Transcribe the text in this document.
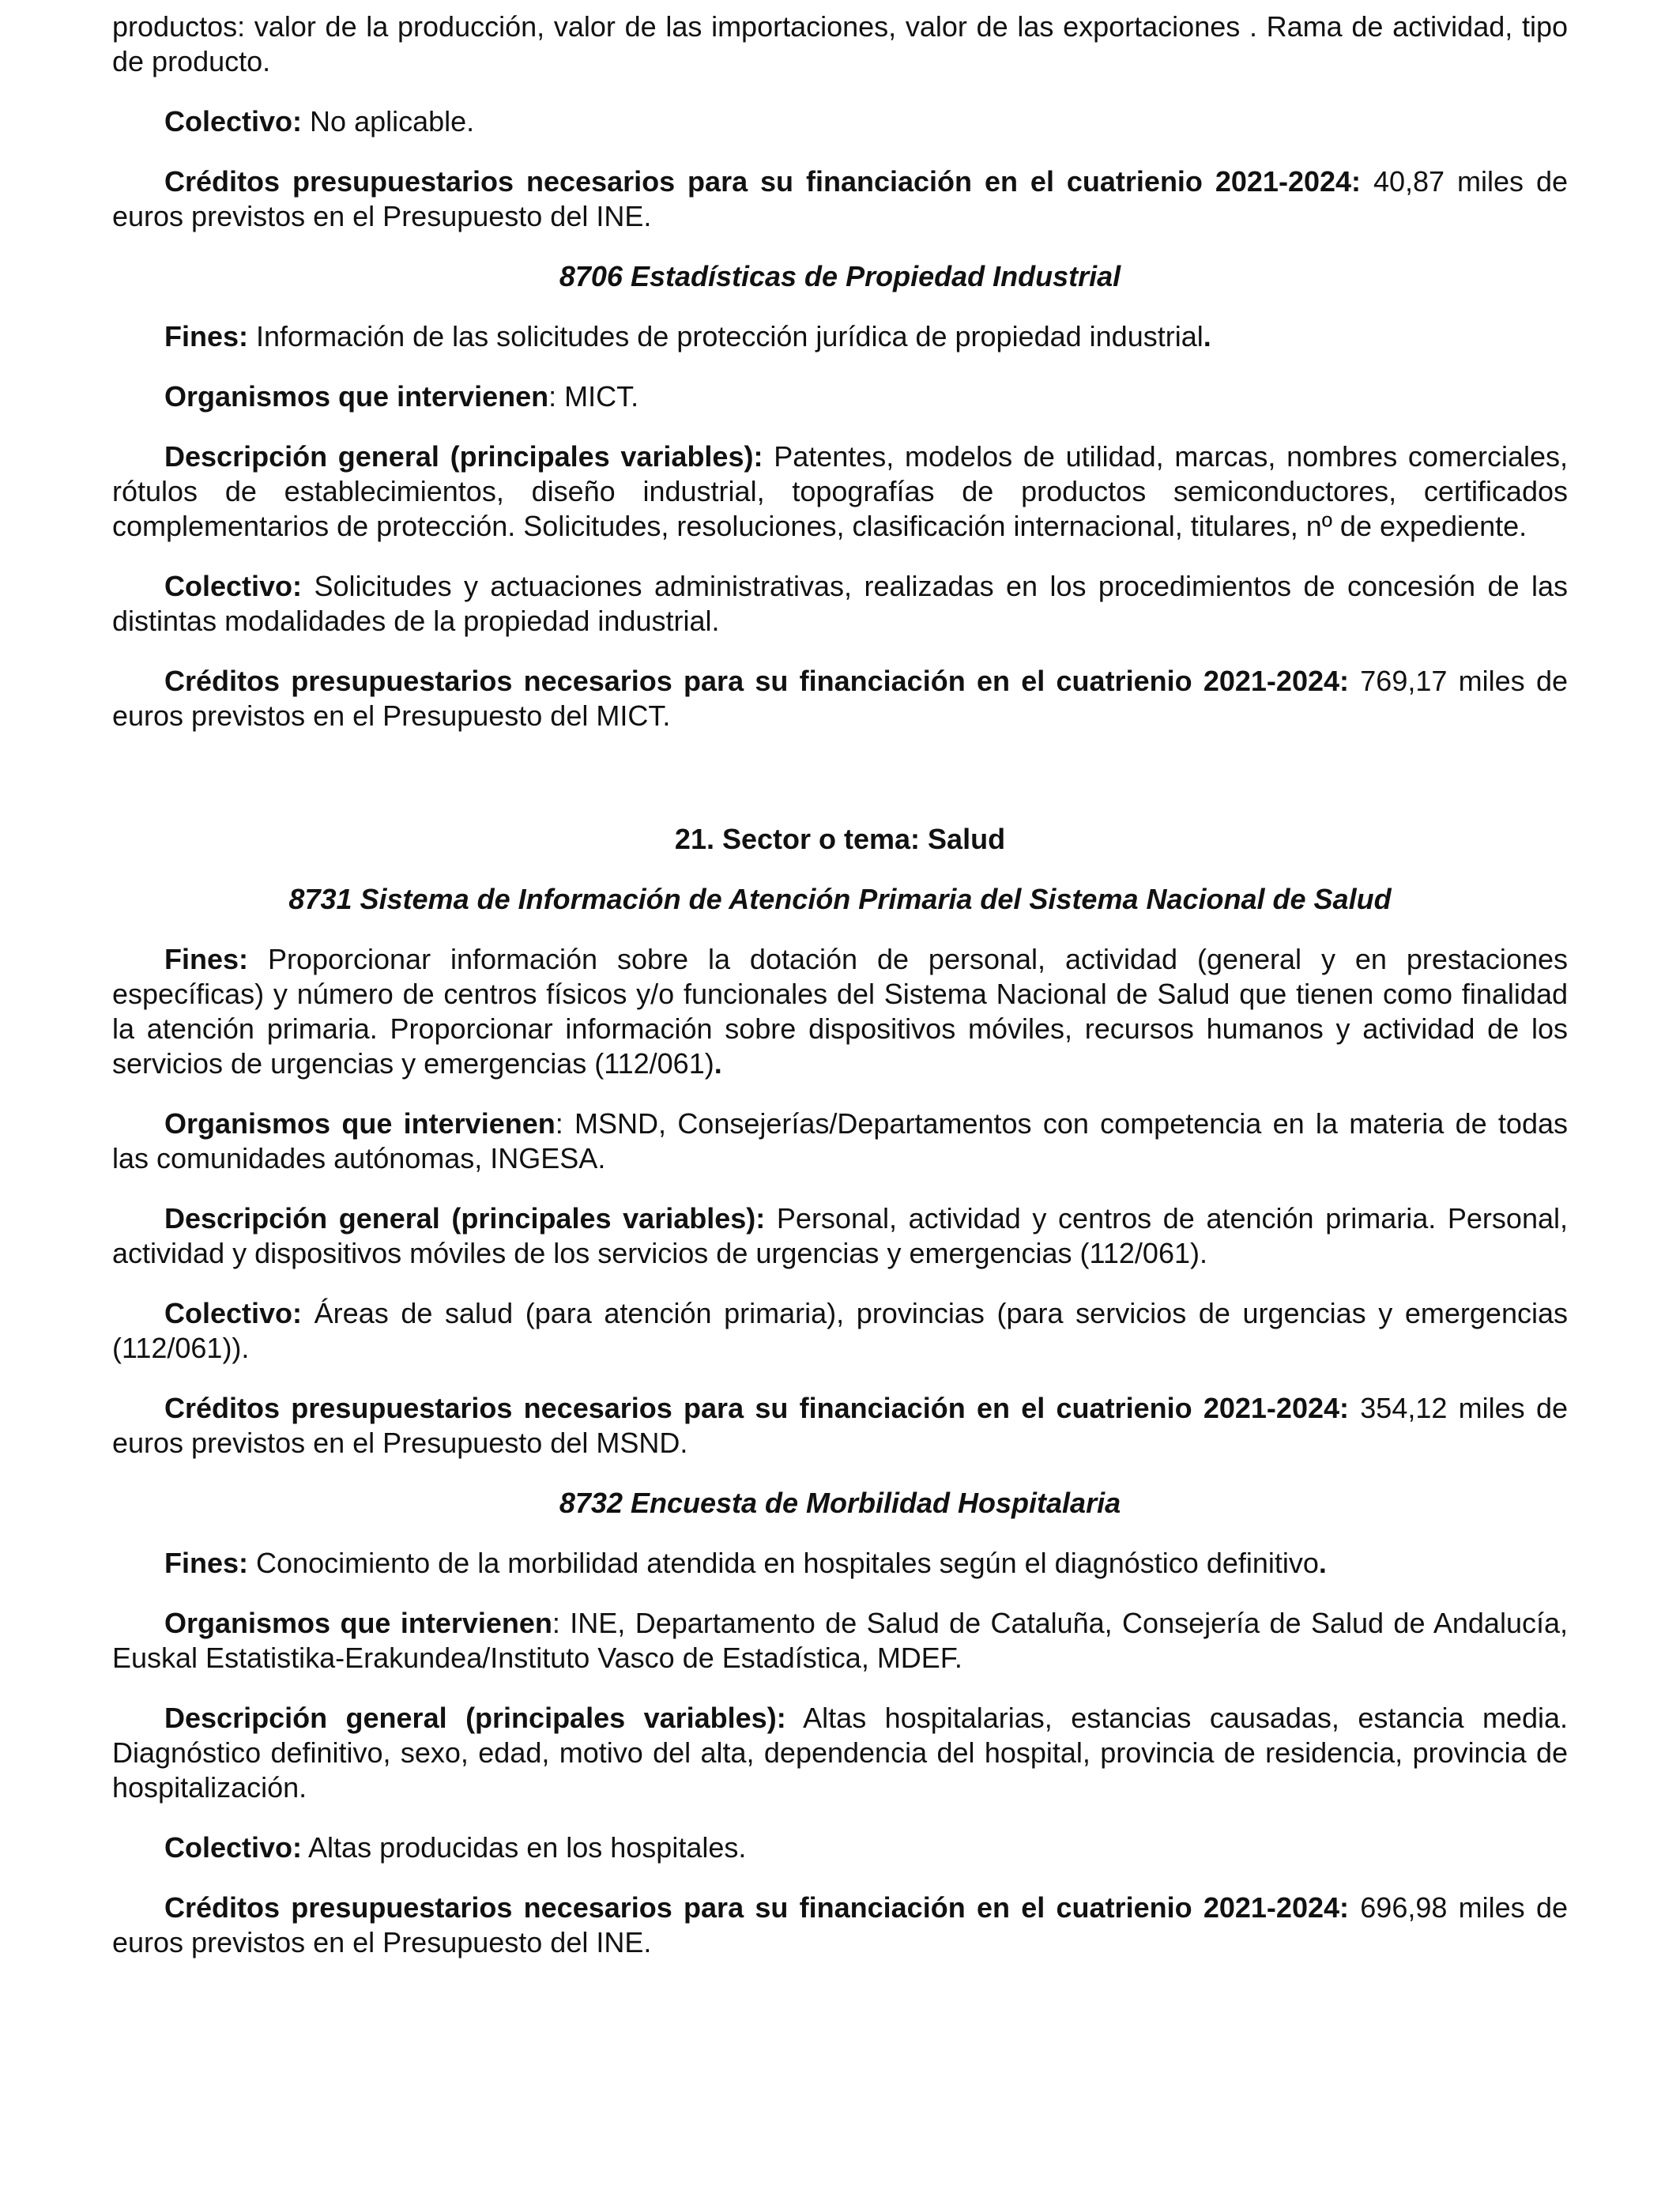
productos: valor de la producción, valor de las importaciones, valor de las exportaciones . Rama de actividad, tipo de producto.

Colectivo: No aplicable.

Créditos presupuestarios necesarios para su financiación en el cuatrienio 2021-2024: 40,87 miles de euros previstos en el Presupuesto del INE.

8706 Estadísticas de Propiedad Industrial

Fines: Información de las solicitudes de protección jurídica de propiedad industrial.

Organismos que intervienen: MICT.

Descripción general (principales variables): Patentes, modelos de utilidad, marcas, nombres comerciales, rótulos de establecimientos, diseño industrial, topografías de productos semiconductores, certificados complementarios de protección. Solicitudes, resoluciones, clasificación internacional, titulares, nº de expediente.

Colectivo: Solicitudes y actuaciones administrativas, realizadas en los procedimientos de concesión de las distintas modalidades de la propiedad industrial.

Créditos presupuestarios necesarios para su financiación en el cuatrienio 2021-2024: 769,17 miles de euros previstos en el Presupuesto del MICT.

21. Sector o tema: Salud
8731 Sistema de Información de Atención Primaria del Sistema Nacional de Salud

Fines: Proporcionar información sobre la dotación de personal, actividad (general y en prestaciones específicas) y número de centros físicos y/o funcionales del Sistema Nacional de Salud que tienen como finalidad la atención primaria. Proporcionar información sobre dispositivos móviles, recursos humanos y actividad de los servicios de urgencias y emergencias (112/061).

Organismos que intervienen: MSND, Consejerías/Departamentos con competencia en la materia de todas las comunidades autónomas, INGESA.

Descripción general (principales variables): Personal, actividad y centros de atención primaria. Personal, actividad y dispositivos móviles de los servicios de urgencias y emergencias (112/061).

Colectivo: Áreas de salud (para atención primaria), provincias (para servicios de urgencias y emergencias (112/061)).

Créditos presupuestarios necesarios para su financiación en el cuatrienio 2021-2024: 354,12 miles de euros previstos en el Presupuesto del MSND.

8732 Encuesta de Morbilidad Hospitalaria

Fines: Conocimiento de la morbilidad atendida en hospitales según el diagnóstico definitivo.

Organismos que intervienen: INE, Departamento de Salud de Cataluña, Consejería de Salud de Andalucía, Euskal Estatistika-Erakundea/Instituto Vasco de Estadística, MDEF.

Descripción general (principales variables): Altas hospitalarias, estancias causadas, estancia media. Diagnóstico definitivo, sexo, edad, motivo del alta, dependencia del hospital, provincia de residencia, provincia de hospitalización.

Colectivo: Altas producidas en los hospitales.

Créditos presupuestarios necesarios para su financiación en el cuatrienio 2021-2024: 696,98 miles de euros previstos en el Presupuesto del INE.
